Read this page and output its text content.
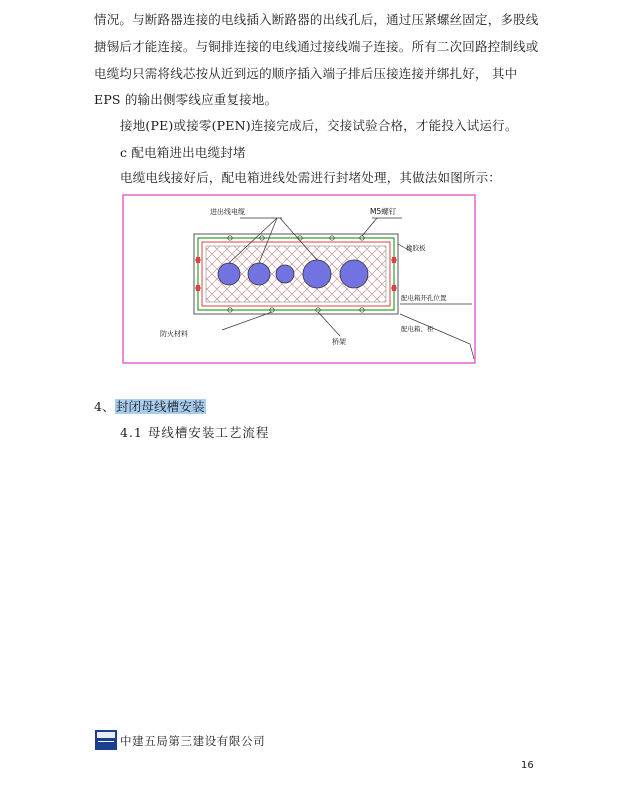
情况。与断路器连接的电线插入断路器的出线孔后，通过压紧螺丝固定，多股线
搪锡后才能连接。与铜排连接的电线通过接线端子连接。所有二次回路控制线或
电缆均只需将线芯按从近到远的顺序插入端子排后压接连接并绑扎好， 其中
EPS 的输出侧零线应重复接地。
接地(PE)或接零(PEN)连接完成后，交接试验合格，才能投入试运行。
c 配电箱进出电缆封堵
电缆电线接好后，配电箱进线处需进行封堵处理，其做法如图所示：
进出线电缆	M5螺钉
橡胶板
配电箱开孔位置
防火材料
桥架
配电箱、柜
4、封闭母线槽安装
4.1 母线槽安装工艺流程
中建五局第三建设有限公司
16
